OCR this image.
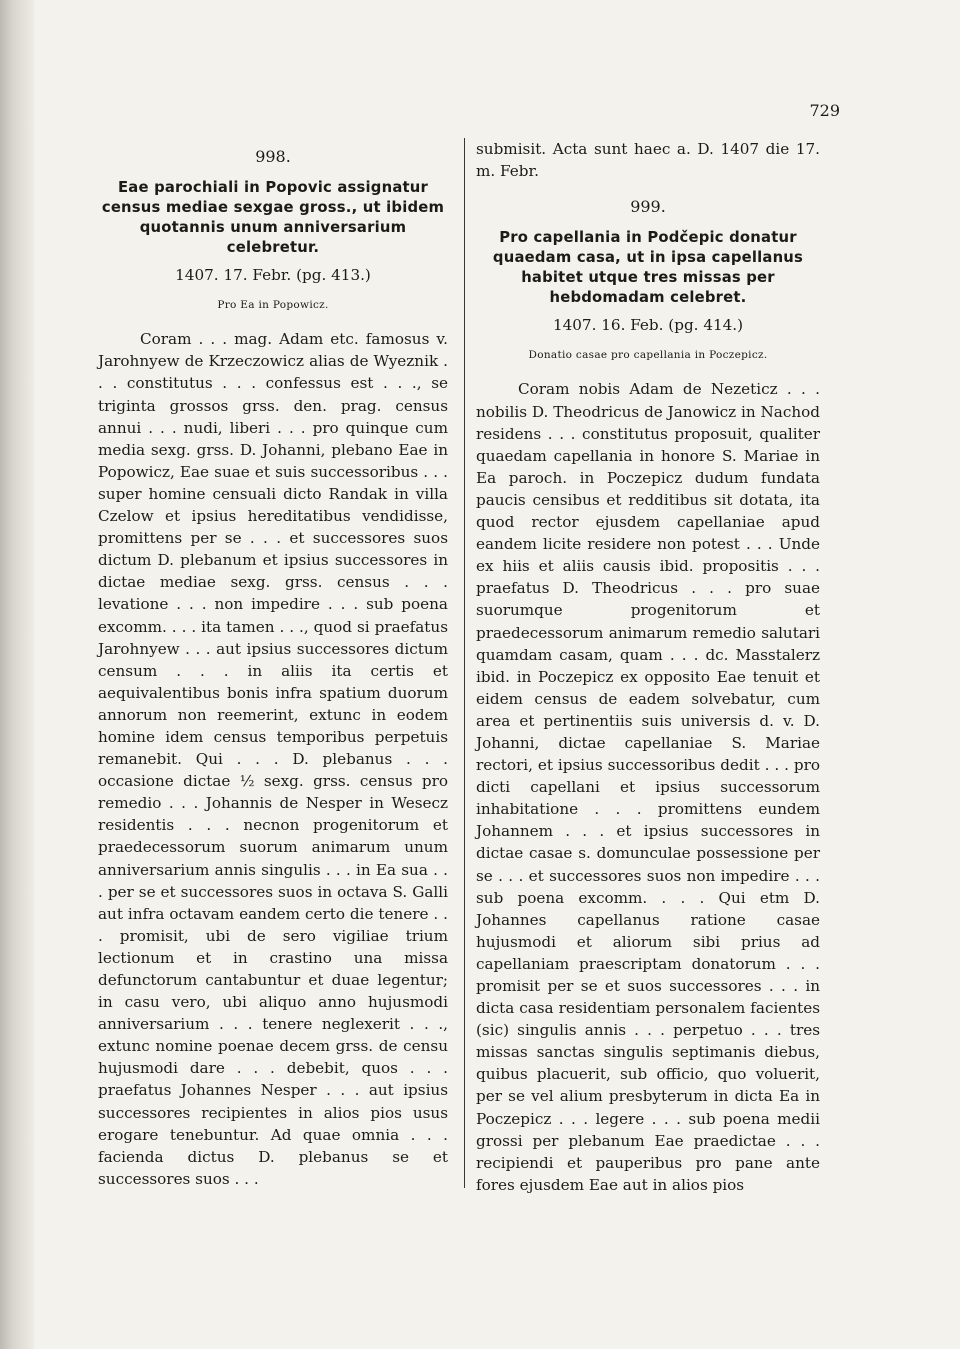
729
998.
Eae parochiali in Popovic assignatur census mediae sexgae gross., ut ibidem quotannis unum anniversarium celebretur.
1407. 17. Febr. (pg. 413.)
Pro Ea in Popowicz.
Coram . . . mag. Adam etc. famosus v. Jarohnyew de Krzeczowicz alias de Wyeznik . . . constitutus . . . confessus est . . ., se triginta grossos grss. den. prag. census annui . . . nudi, liberi . . . pro quinque cum media sexg. grss. D. Johanni, plebano Eae in Popowicz, Eae suae et suis successoribus . . . super homine censuali dicto Randak in villa Czelow et ipsius hereditatibus vendidisse, promittens per se . . . et successores suos dictum D. plebanum et ipsius successores in dictae mediae sexg. grss. census . . . levatione . . . non impedire . . . sub poena excomm. . . . ita tamen . . ., quod si praefatus Jarohnyew . . . aut ipsius successores dictum censum . . . in aliis ita certis et aequivalentibus bonis infra spatium duorum annorum non reemerint, extunc in eodem homine idem census temporibus perpetuis remanebit. Qui . . . D. plebanus . . . occasione dictae ½ sexg. grss. census pro remedio . . . Johannis de Nesper in Wesecz residentis . . . necnon progenitorum et praedecessorum suorum animarum unum anniversarium annis singulis . . . in Ea sua . . . per se et successores suos in octava S. Galli aut infra octavam eandem certo die tenere . . . promisit, ubi de sero vigiliae trium lectionum et in crastino una missa defunctorum cantabuntur et duae legentur; in casu vero, ubi aliquo anno hujusmodi anniversarium . . . tenere neglexerit . . ., extunc nomine poenae decem grss. de censu hujusmodi dare . . . debebit, quos . . . praefatus Johannes Nesper . . . aut ipsius successores recipientes in alios pios usus erogare tenebuntur. Ad quae omnia . . . facienda dictus D. plebanus se et successores suos . . .
submisit. Acta sunt haec a. D. 1407 die 17. m. Febr.
999.
Pro capellania in Podčepic donatur quaedam casa, ut in ipsa capellanus habitet utque tres missas per hebdomadam celebret.
1407. 16. Feb. (pg. 414.)
Donatio casae pro capellania in Poczepicz.
Coram nobis Adam de Nezeticz . . . nobilis D. Theodricus de Janowicz in Nachod residens . . . constitutus proposuit, qualiter quaedam capellania in honore S. Mariae in Ea paroch. in Poczepicz dudum fundata paucis censibus et redditibus sit dotata, ita quod rector ejusdem capellaniae apud eandem licite residere non potest . . . Unde ex hiis et aliis causis ibid. propositis . . . praefatus D. Theodricus . . . pro suae suorumque progenitorum et praedecessorum animarum remedio salutari quamdam casam, quam . . . dc. Masstalerz ibid. in Poczepicz ex opposito Eae tenuit et eidem census de eadem solvebatur, cum area et pertinentiis suis universis d. v. D. Johanni, dictae capellaniae S. Mariae rectori, et ipsius successoribus dedit . . . pro dicti capellani et ipsius successorum inhabitatione . . . promittens eundem Johannem . . . et ipsius successores in dictae casae s. domunculae possessione per se . . . et successores suos non impedire . . . sub poena excomm. . . . Qui etm D. Johannes capellanus ratione casae hujusmodi et aliorum sibi prius ad capellaniam praescriptam donatorum . . . promisit per se et suos successores . . . in dicta casa residentiam personalem facientes (sic) singulis annis . . . perpetuo . . . tres missas sanctas singulis septimanis diebus, quibus placuerit, sub officio, quo voluerit, per se vel alium presbyterum in dicta Ea in Poczepicz . . . legere . . . sub poena medii grossi per plebanum Eae praedictae . . . recipiendi et pauperibus pro pane ante fores ejusdem Eae aut in alios pios
